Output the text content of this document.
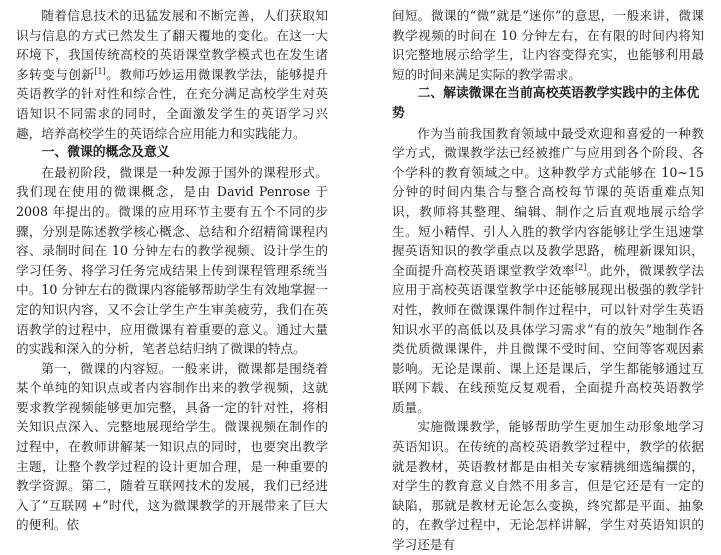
随着信息技术的迅猛发展和不断完善，人们获取知识与信息的方式已然发生了翻天覆地的变化。在这一大环境下，我国传统高校的英语课堂教学模式也在发生诸多转变与创新[1]。教师巧妙运用微课教学法，能够提升英语教学的针对性和综合性，在充分满足高校学生对英语知识不同需求的同时，全面激发学生的英语学习兴趣，培养高校学生的英语综合应用能力和实践能力。

一、微课的概念及意义

在最初阶段，微课是一种发源于国外的课程形式。我们现在使用的微课概念，是由 David Penrose 于 2008 年提出的。微课的应用环节主要有五个不同的步骤，分别是陈述教学核心概念、总结和介绍精简课程内容、录制时间在 10 分钟左右的教学视频、设计学生的学习任务、将学习任务完成结果上传到课程管理系统当中。10 分钟左右的微课内容能够帮助学生有效地掌握一定的知识内容，又不会让学生产生审美疲劳，我们在英语教学的过程中，应用微课有着重要的意义。通过大量的实践和深入的分析，笔者总结归纳了微课的特点。

第一，微课的内容短。一般来讲，微课都是围绕着某个单纯的知识点或者内容制作出来的教学视频，这就要求教学视频能够更加完整，具备一定的针对性，将相关知识点深入、完整地展现给学生。微课视频在制作的过程中，在教师讲解某一知识点的同时，也要突出教学主题，让整个教学过程的设计更加合理，是一种重要的教学资源。第二，随着互联网技术的发展，我们已经进入了“互联网 +”时代，这为微课教学的开展带来了巨大的便利。依

间短。微课的“微”就是“迷你”的意思，一般来讲，微课教学视频的时间在 10 分钟左右，在有限的时间内将知识完整地展示给学生，让内容变得充实，也能够利用最短的时间来满足实际的教学需求。

二、解读微课在当前高校英语教学实践中的主体优势

作为当前我国教育领域中最受欢迎和喜爱的一种教学方式，微课教学法已经被推广与应用到各个阶段、各个学科的教育领域之中。这种教学方式能够在 10~15 分钟的时间内集合与整合高校每节课的英语重难点知识，教师将其整理、编辑、制作之后直观地展示给学生。短小精悍、引人入胜的教学内容能够让学生迅速掌握英语知识的教学重点以及教学思路，梳理新课知识，全面提升高校英语课堂教学效率[2]。此外，微课教学法应用于高校英语课堂教学中还能够展现出极强的教学针对性，教师在微课课件制作过程中，可以针对学生英语知识水平的高低以及具体学习需求“有的放矢”地制作各类优质微课课件，并且微课不受时间、空间等客观因素影响。无论是课前、课上还是课后，学生都能够通过互联网下载、在线预览反复观看，全面提升高校英语教学质量。

实施微课教学，能够帮助学生更加生动形象地学习英语知识。在传统的高校英语教学过程中，教学的依据就是教材，英语教材都是由相关专家精挑细选编撰的，对学生的教育意义自然不用多言，但是它还是有一定的缺陷，那就是教材无论怎么变换，终究都是平面、抽象的，在教学过程中，无论怎样讲解，学生对英语知识的学习还是有
